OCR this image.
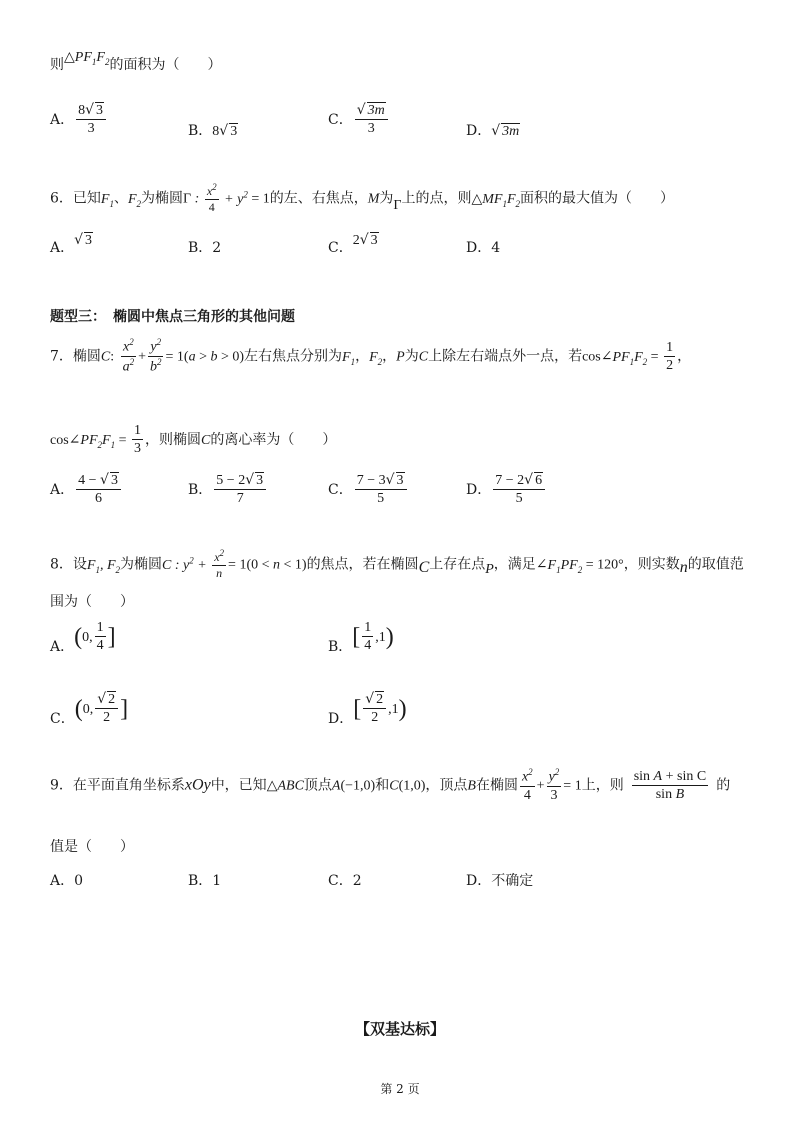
则$\triangle PF_1F_2$的面积为（　　）
A． $\frac{8√ 3}{3}$	B．8√ 3
C． $\frac{√ 3m}{3}$	D．√ 3m
6．已知$F_1$、$F_2$为椭圆Γ : $\frac{x^2}{4} + y^2 = 1$的左、右焦点，M为Γ上的点，则$\triangle MF_1F_2$面积的最大值为（　　）
A．√ 3	B．2	C．2√ 3	D．4
题型三：　椭圆中焦点三角形的其他问题
7．椭圆C: $\frac{x^2}{a^2} + \frac{y^2}{b^2} = 1(a > b > 0)$左右焦点分别为$F_1$，$F_2$，P为C上除左右端点外一点，若$\cos\angle PF_1F_2 = \frac{1}{2}$ ，
$\cos\angle PF_2F_1 = \frac{1}{3}$ ，则椭圆C的离心率为（　　）
A． $\frac{4 - √ 3}{6}$	B． $\frac{5 - 2√ 3}{7}$	C． $\frac{7 - 3√ 3}{5}$	D． $\frac{7 - 2√ 6}{5}$
8．设$F_1$, $F_2$为椭圆C : $y^2 + \frac{x^2}{n} = 1(0 < n < 1)$的焦点，若在椭圆C上存在点P，满足$\angle F_1PF_2 = 120^\circ$，则实数n的取值范
围为（　　）
A．(0, $\frac{1}{4}$ ]	B．[ $\frac{1}{4} ,1$)
C．(0, $\frac{√ 2}{2}$ ]	D．[ $\frac{√ 2}{2} ,1$)
9．在平面直角坐标系xOy中，已知△ABC顶点A(−1,0)和C(1,0)，顶点B在椭圆 $\frac{x^2}{4} + \frac{y^2}{3} = 1$上，则 $\frac{\text{sin A + sin C}}{\text{sin B}}$ 的
值是（　　）
A．0	B．1	C．2	D．不确定
【双基达标】
第 2 页
